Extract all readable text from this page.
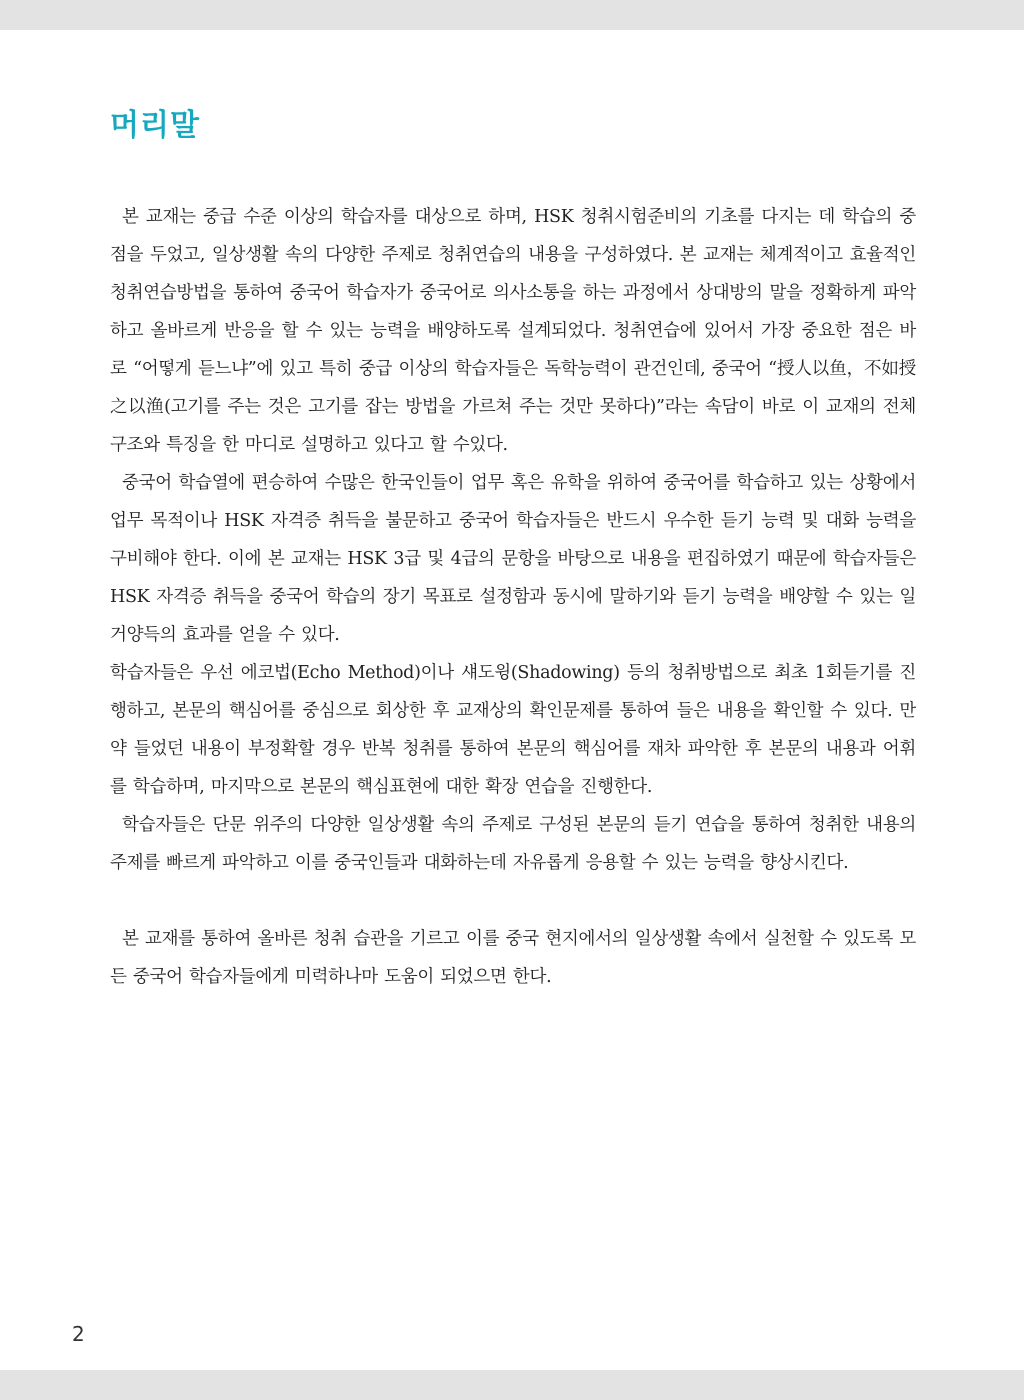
머리말

본 교재는 중급 수준 이상의 학습자를 대상으로 하며, HSK 청취시험준비의 기초를 다지는 데 학습의 중점을 두었고, 일상생활 속의 다양한 주제로 청취연습의 내용을 구성하였다. 본 교재는 체계적이고 효율적인 청취연습방법을 통하여 중국어 학습자가 중국어로 의사소통을 하는 과정에서 상대방의 말을 정확하게 파악하고 올바르게 반응을 할 수 있는 능력을 배양하도록 설계되었다. 청취연습에 있어서 가장 중요한 점은 바로 “어떻게 듣느냐”에 있고 특히 중급 이상의 학습자들은 독학능력이 관건인데, 중국어 “授人以鱼，不如授之以渔(고기를 주는 것은 고기를 잡는 방법을 가르쳐 주는 것만 못하다)”라는 속담이 바로 이 교재의 전체 구조와 특징을 한 마디로 설명하고 있다고 할 수있다.

중국어 학습열에 편승하여 수많은 한국인들이 업무 혹은 유학을 위하여 중국어를 학습하고 있는 상황에서 업무 목적이나 HSK 자격증 취득을 불문하고 중국어 학습자들은 반드시 우수한 듣기 능력 및 대화 능력을 구비해야 한다. 이에 본 교재는 HSK 3급 및 4급의 문항을 바탕으로 내용을 편집하였기 때문에 학습자들은 HSK 자격증 취득을 중국어 학습의 장기 목표로 설정함과 동시에 말하기와 듣기 능력을 배양할 수 있는 일거양득의 효과를 얻을 수 있다.

학습자들은 우선 에코법(Echo Method)이나 섀도윙(Shadowing) 등의 청취방법으로 최초 1회듣기를 진행하고, 본문의 핵심어를 중심으로 회상한 후 교재상의 확인문제를 통하여 들은 내용을 확인할 수 있다. 만약 들었던 내용이 부정확할 경우 반복 청취를 통하여 본문의 핵심어를 재차 파악한 후 본문의 내용과 어휘를 학습하며, 마지막으로 본문의 핵심표현에 대한 확장 연습을 진행한다.

학습자들은 단문 위주의 다양한 일상생활 속의 주제로 구성된 본문의 듣기 연습을 통하여 청취한 내용의 주제를 빠르게 파악하고 이를 중국인들과 대화하는데 자유롭게 응용할 수 있는 능력을 향상시킨다.

본 교재를 통하여 올바른 청취 습관을 기르고 이를 중국 현지에서의 일상생활 속에서 실천할 수 있도록 모든 중국어 학습자들에게 미력하나마 도움이 되었으면 한다.

2
